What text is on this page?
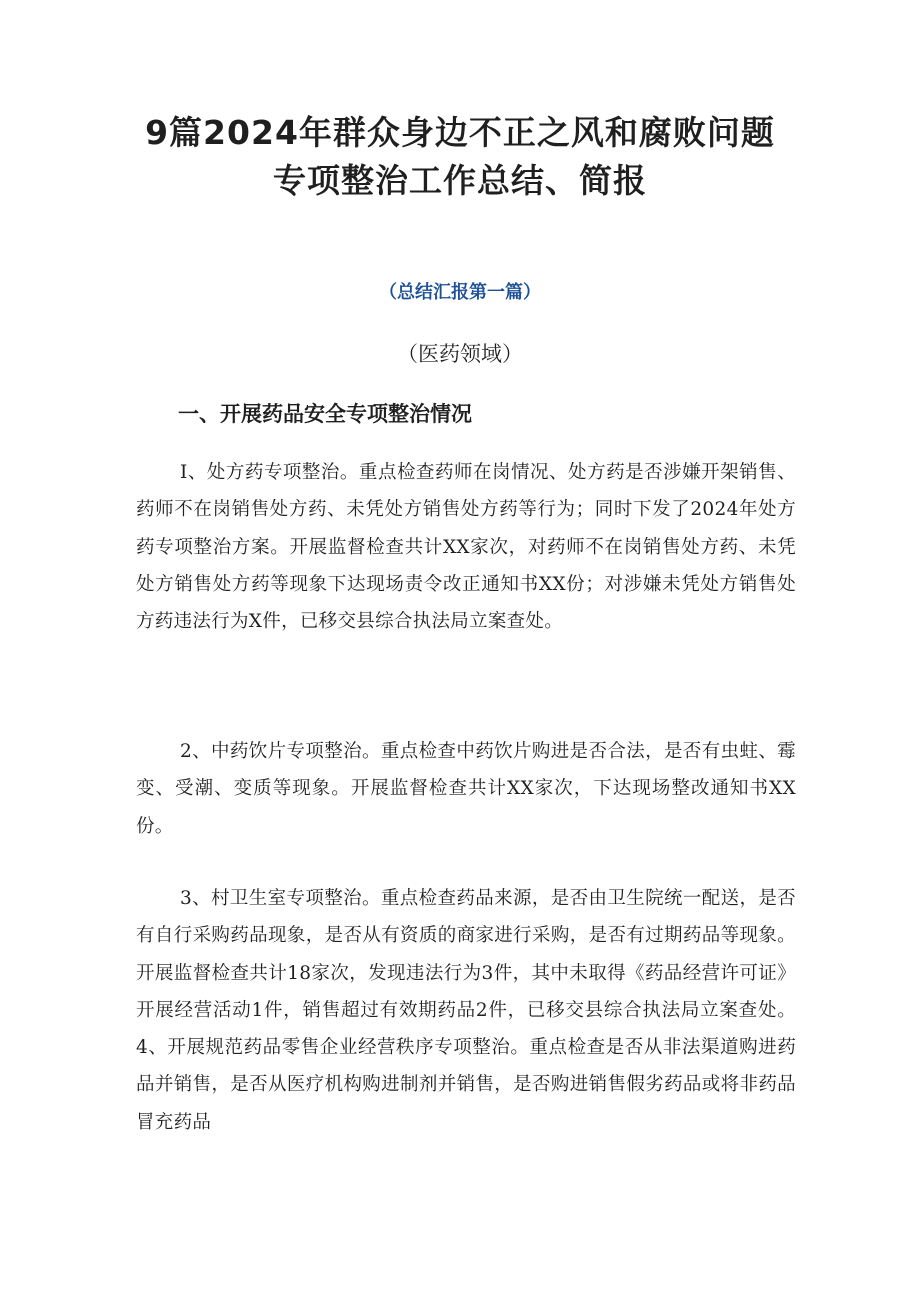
9篇2024年群众身边不正之风和腐败问题
专项整治工作总结、简报

（总结汇报第一篇）

（医药领域）

一、开展药品安全专项整治情况

I、处方药专项整治。重点检查药师在岗情况、处方药是否涉嫌开架销售、药师不在岗销售处方药、未凭处方销售处方药等行为；同时下发了2024年处方药专项整治方案。开展监督检查共计XX家次，对药师不在岗销售处方药、未凭处方销售处方药等现象下达现场责令改正通知书XX份；对涉嫌未凭处方销售处方药违法行为X件，已移交县综合执法局立案查处。

2、中药饮片专项整治。重点检查中药饮片购进是否合法，是否有虫蛀、霉变、受潮、变质等现象。开展监督检查共计XX家次，下达现场整改通知书XX份。

3、村卫生室专项整治。重点检查药品来源，是否由卫生院统一配送，是否有自行采购药品现象，是否从有资质的商家进行采购，是否有过期药品等现象。开展监督检查共计18家次，发现违法行为3件，其中未取得《药品经营许可证》开展经营活动1件，销售超过有效期药品2件，已移交县综合执法局立案查处。4、开展规范药品零售企业经营秩序专项整治。重点检查是否从非法渠道购进药品并销售，是否从医疗机构购进制剂并销售，是否购进销售假劣药品或将非药品冒充药品
